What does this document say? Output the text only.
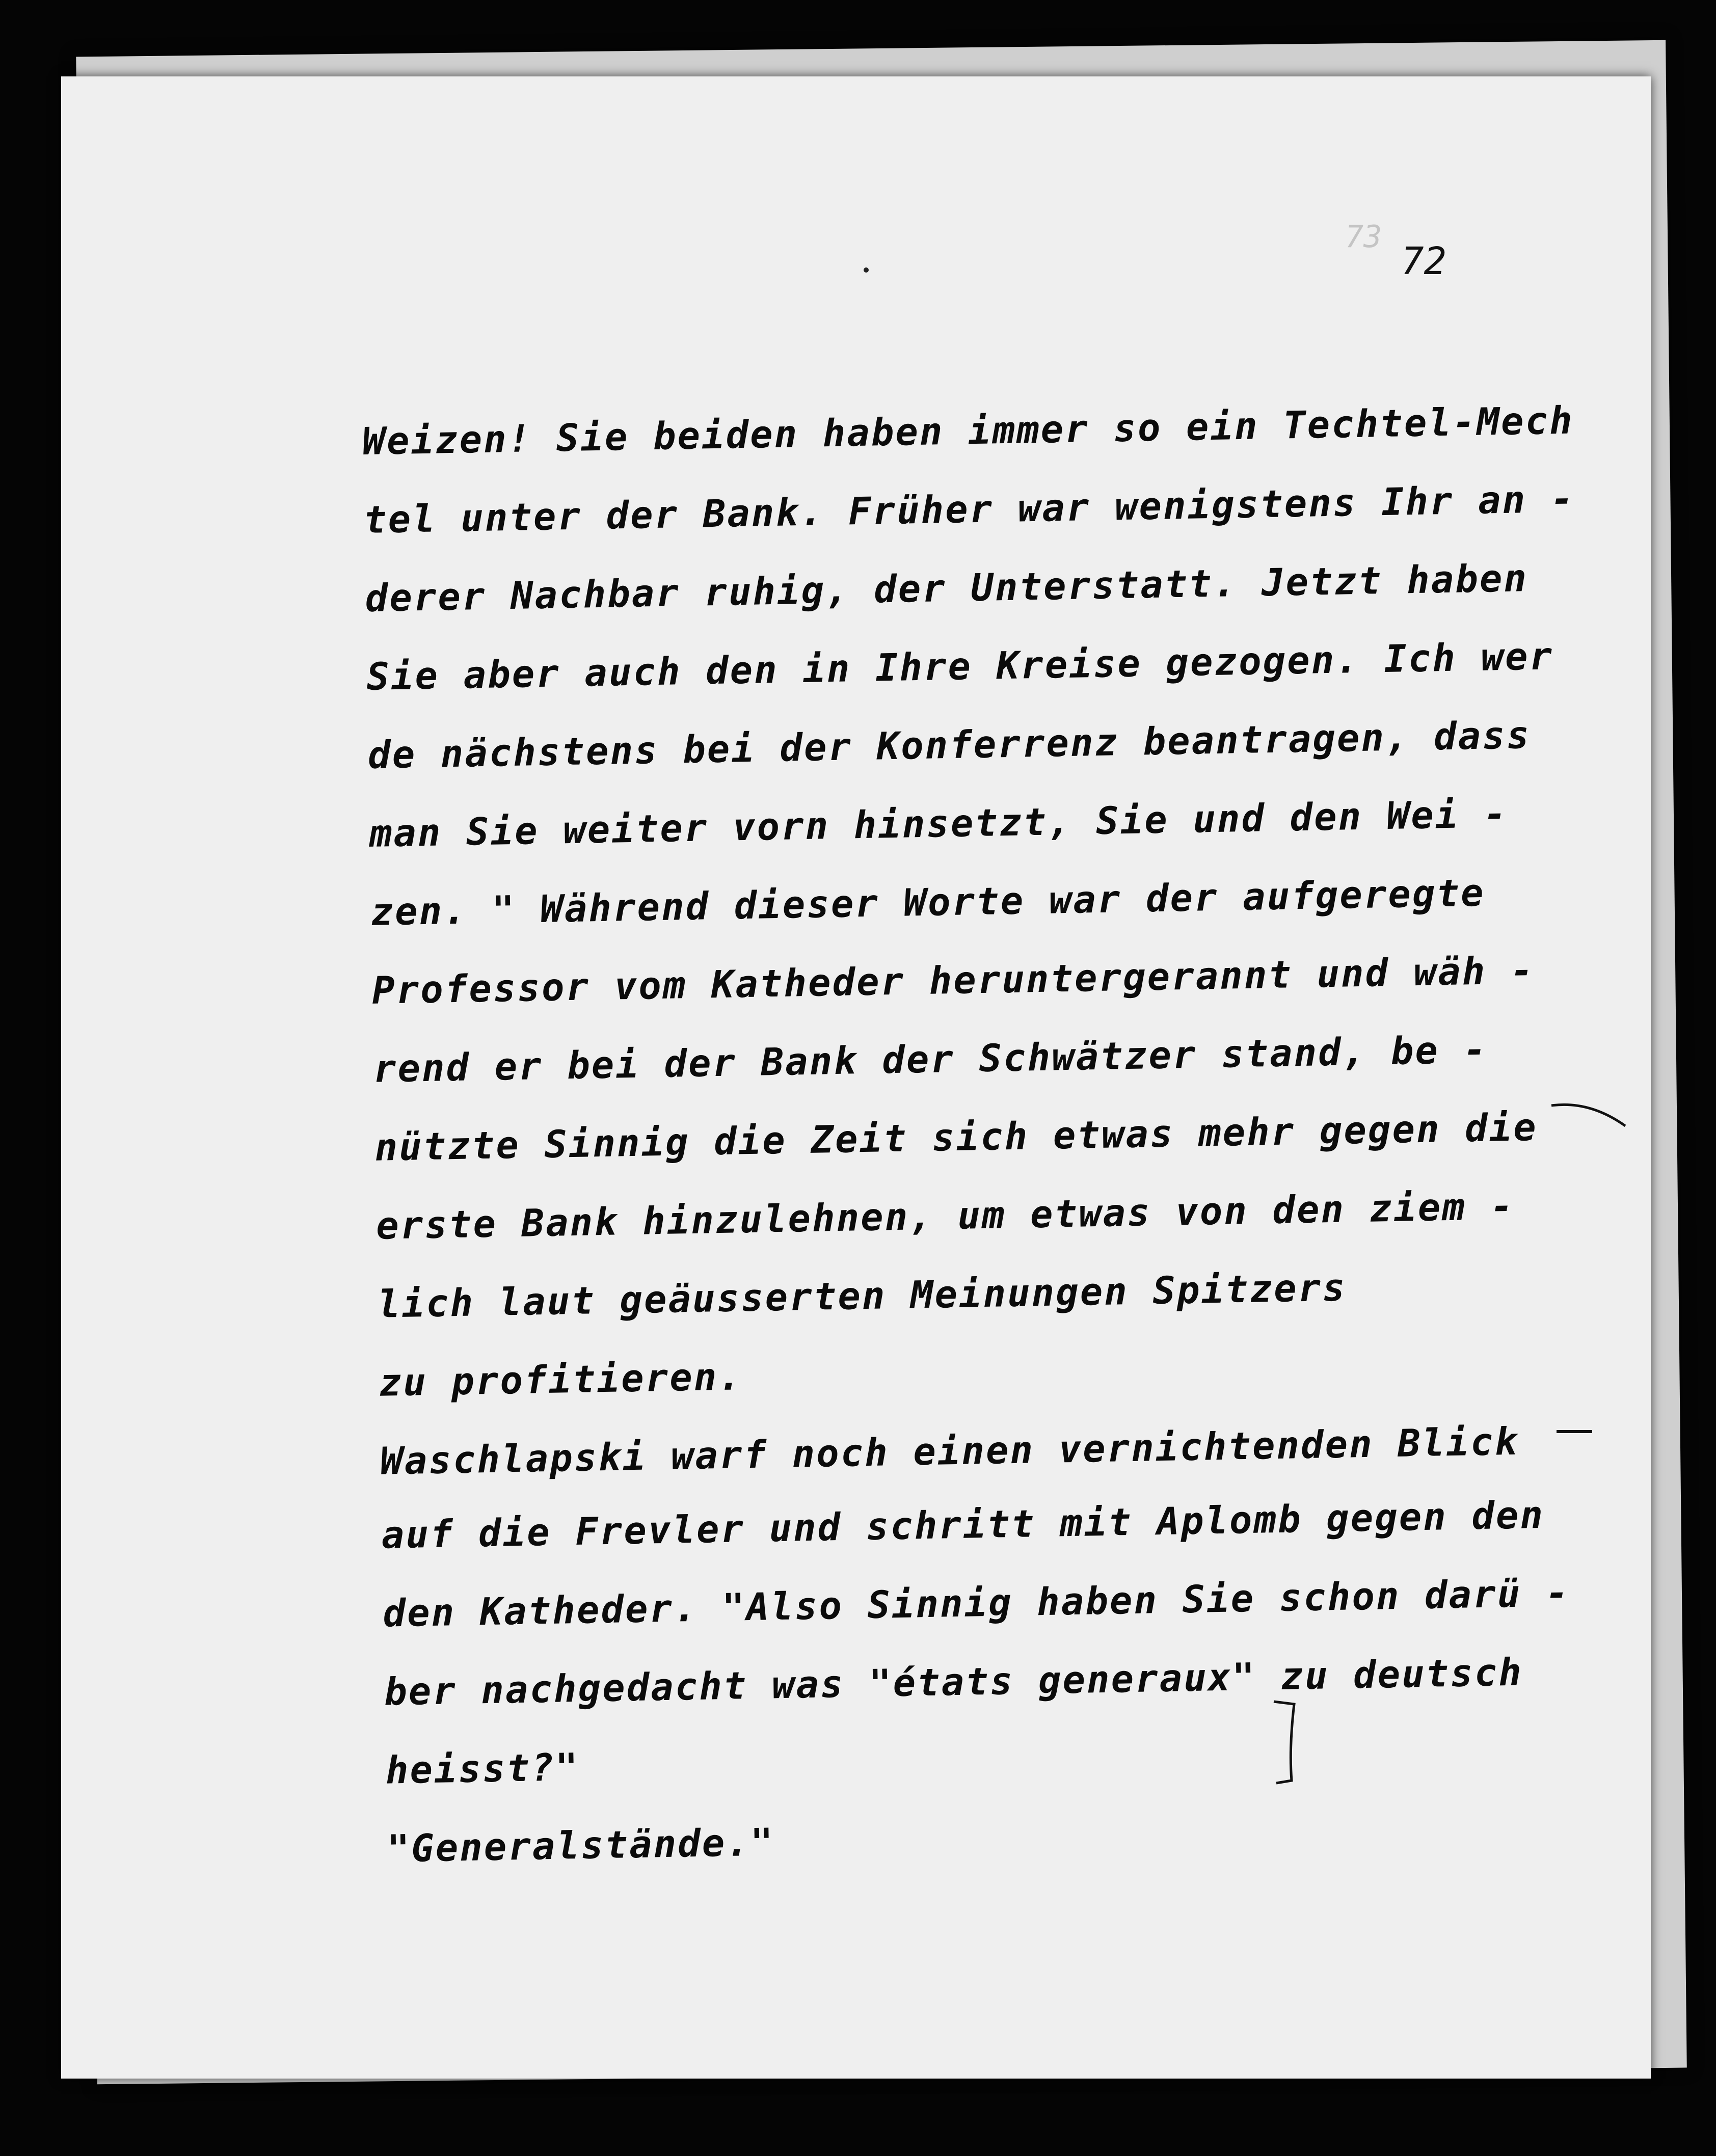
73
72
Weizen! Sie beiden haben immer so ein Techtel-Mech
tel unter der Bank. Früher war wenigstens Ihr an -
derer Nachbar ruhig, der Unterstatt. Jetzt haben
Sie aber auch den in Ihre Kreise gezogen. Ich wer
de nächstens bei der Konferrenz beantragen, dass
man Sie weiter vorn hinsetzt, Sie und den Wei -
zen. " Während dieser Worte war der aufgeregte
Professor vom Katheder heruntergerannt und wäh -
rend er bei der Bank der Schwätzer stand, be -
nützte Sinnig die Zeit sich etwas mehr gegen die
erste Bank hinzulehnen, um etwas von den ziem -
lich laut geäusserten Meinungen Spitzers
zu profitieren.
Waschlapski warf noch einen vernichtenden Blick
auf die Frevler und schritt mit Aplomb gegen den
den Katheder. "Also Sinnig haben Sie schon darü -
ber nachgedacht was "états generaux" zu deutsch
heisst?"
"Generalstände."
